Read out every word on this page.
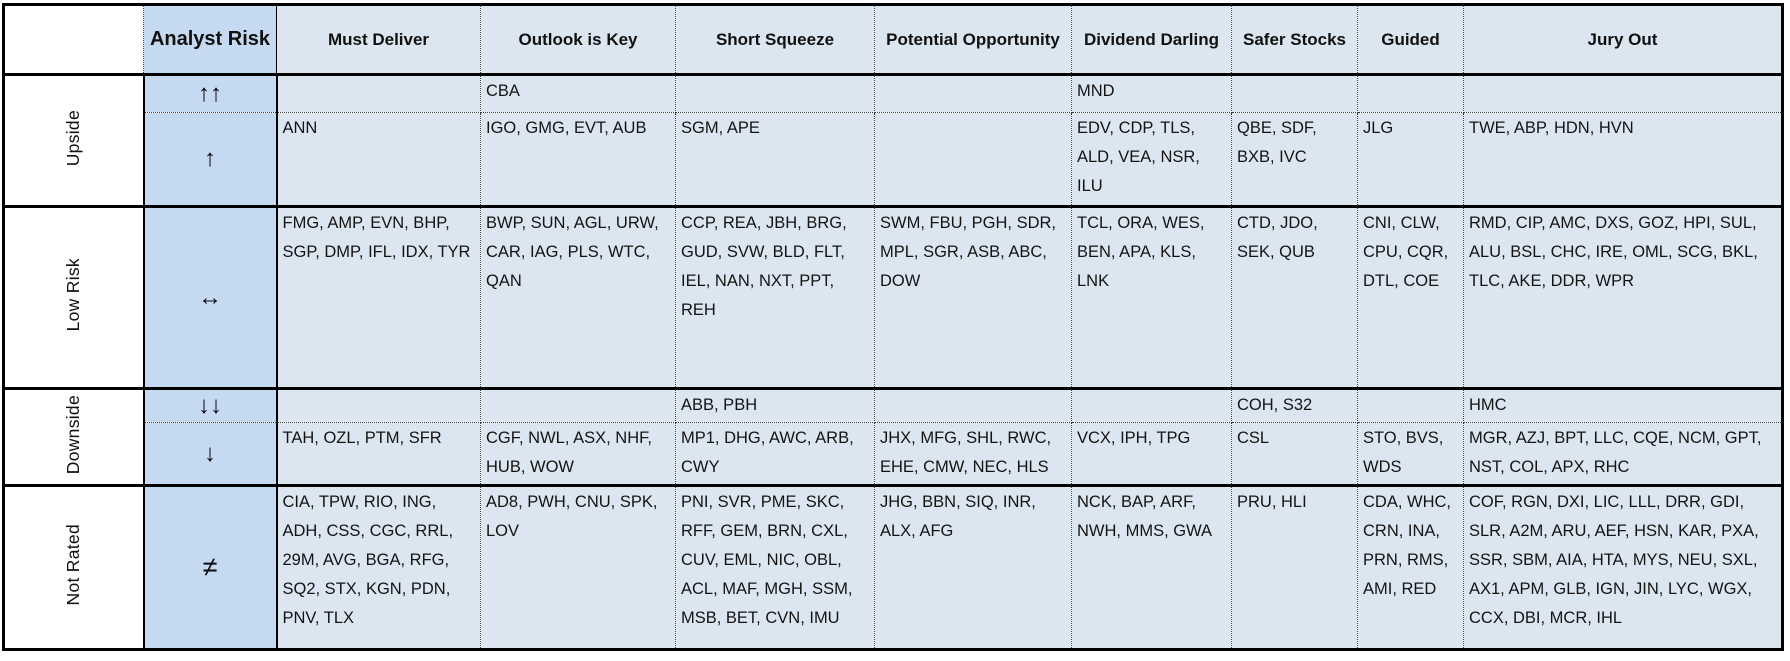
	Analyst Risk	Must Deliver	Outlook is Key	Short Squeeze	Potential Opportunity	Dividend Darling	Safer Stocks	Guided	Jury Out
Upside	↑↑		CBA			MND			
	↑	ANN	IGO, GMG, EVT, AUB	SGM, APE		EDV, CDP, TLS, ALD, VEA, NSR, ILU	QBE, SDF, BXB, IVC	JLG	TWE, ABP, HDN, HVN
Low Risk	↔	FMG, AMP, EVN, BHP, SGP, DMP, IFL, IDX, TYR	BWP, SUN, AGL, URW, CAR, IAG, PLS, WTC, QAN	CCP, REA, JBH, BRG, GUD, SVW, BLD, FLT, IEL, NAN, NXT, PPT, REH	SWM, FBU, PGH, SDR, MPL, SGR, ASB, ABC, DOW	TCL, ORA, WES, BEN, APA, KLS, LNK	CTD, JDO, SEK, QUB	CNI, CLW, CPU, CQR, DTL, COE	RMD, CIP, AMC, DXS, GOZ, HPI, SUL, ALU, BSL, CHC, IRE, OML, SCG, BKL, TLC, AKE, DDR, WPR
Downside	↓↓			ABB, PBH			COH, S32		HMC
	↓	TAH, OZL, PTM, SFR	CGF, NWL, ASX, NHF, HUB, WOW	MP1, DHG, AWC, ARB, CWY	JHX, MFG, SHL, RWC, EHE, CMW, NEC, HLS	VCX, IPH, TPG	CSL	STO, BVS, WDS	MGR, AZJ, BPT, LLC, CQE, NCM, GPT, NST, COL, APX, RHC
Not Rated	≠	CIA, TPW, RIO, ING, ADH, CSS, CGC, RRL, 29M, AVG, BGA, RFG, SQ2, STX, KGN, PDN, PNV, TLX	AD8, PWH, CNU, SPK, LOV	PNI, SVR, PME, SKC, RFF, GEM, BRN, CXL, CUV, EML, NIC, OBL, ACL, MAF, MGH, SSM, MSB, BET, CVN, IMU	JHG, BBN, SIQ, INR, ALX, AFG	NCK, BAP, ARF, NWH, MMS, GWA	PRU, HLI	CDA, WHC, CRN, INA, PRN, RMS, AMI, RED	COF, RGN, DXI, LIC, LLL, DRR, GDI, SLR, A2M, ARU, AEF, HSN, KAR, PXA, SSR, SBM, AIA, HTA, MYS, NEU, SXL, AX1, APM, GLB, IGN, JIN, LYC, WGX, CCX, DBI, MCR, IHL
